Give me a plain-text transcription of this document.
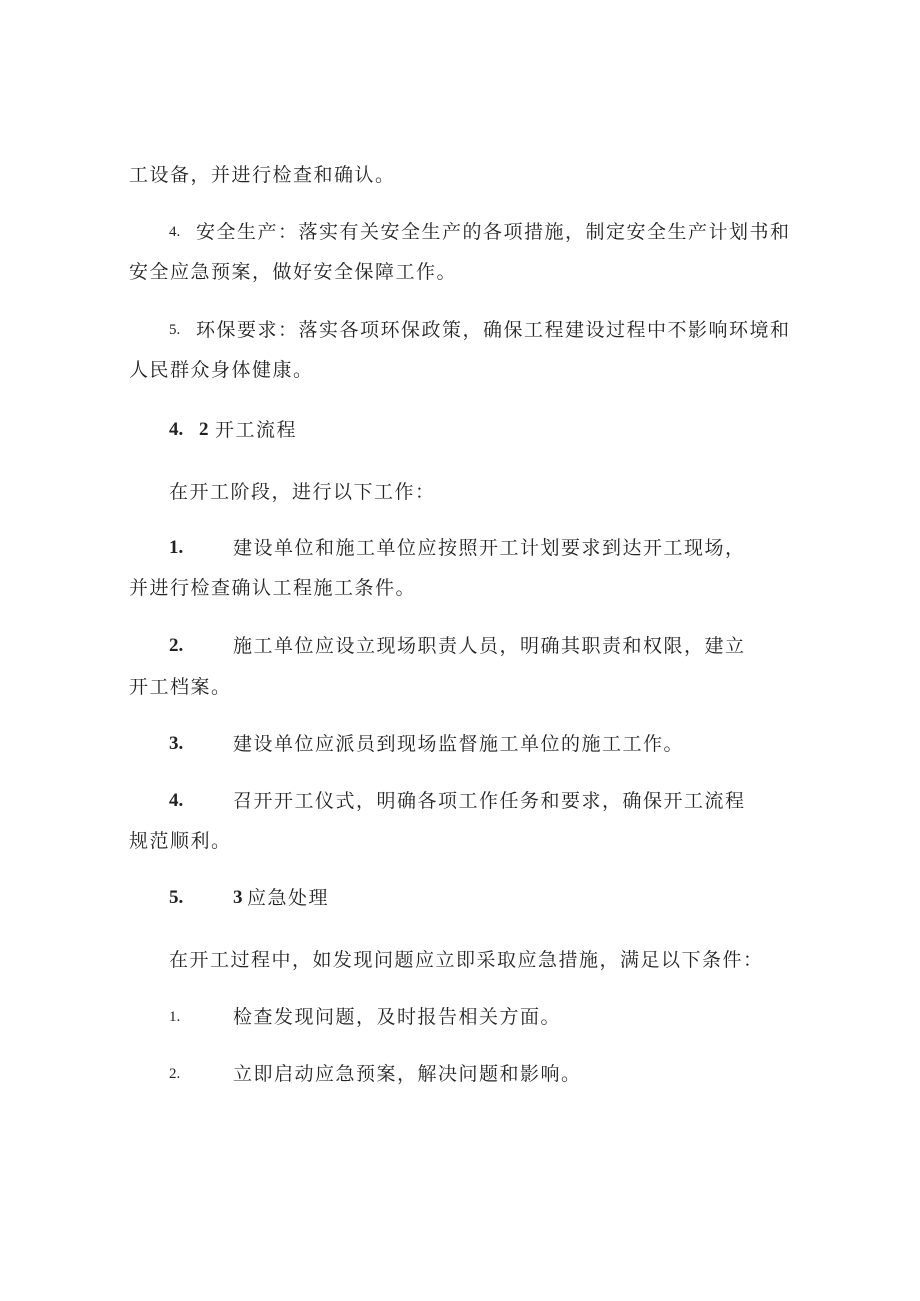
工设备，并进行检查和确认。
4. 安全生产：落实有关安全生产的各项措施，制定安全生产计划书和
安全应急预案，做好安全保障工作。
5. 环保要求：落实各项环保政策，确保工程建设过程中不影响环境和
人民群众身体健康。
4. 2 开工流程
在开工阶段，进行以下工作：
1.	建设单位和施工单位应按照开工计划要求到达开工现场，
并进行检查确认工程施工条件。
2.	施工单位应设立现场职责人员，明确其职责和权限，建立
开工档案。
3.	建设单位应派员到现场监督施工单位的施工工作。
4.	召开开工仪式，明确各项工作任务和要求，确保开工流程
规范顺利。
5.	3 应急处理
在开工过程中，如发现问题应立即采取应急措施，满足以下条件：
1.	检查发现问题，及时报告相关方面。
2.	立即启动应急预案，解决问题和影响。
